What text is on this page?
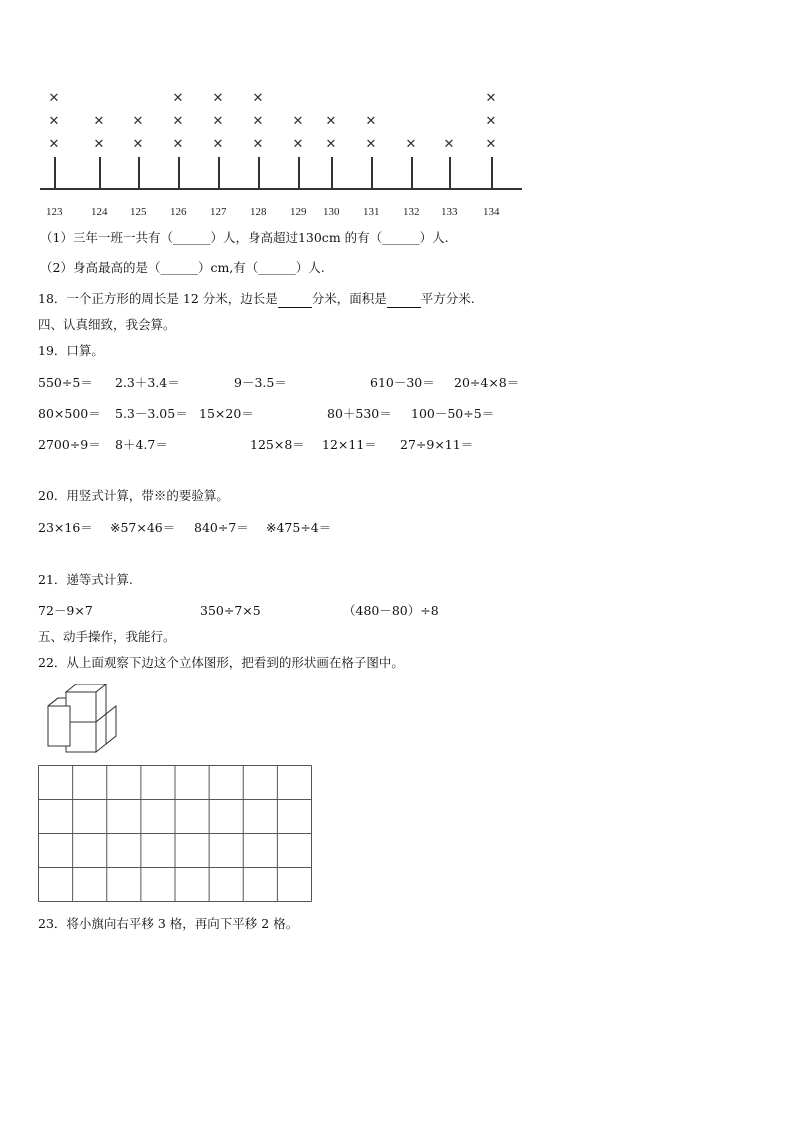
123
✕
✕
✕
124
✕
✕
125
✕
✕
126
✕
✕
✕
127
✕
✕
✕
128
✕
✕
✕
129
✕
✕
130
✕
✕
131
✕
✕
132
✕
133
✕
134
✕
✕
✕
（1）三年一班一共有（______）人，身高超过130cm 的有（______）人.
（2）身高最高的是（______）cm,有（______）人.
18．一个正方形的周长是 12 分米，边长是	分米，面积是	平方分米.
四、认真细致，我会算。
19．口算。
550÷5＝ 2.3＋3.4＝	9－3.5＝	610－30＝ 20÷4×8＝
80×500＝ 5.3－3.05＝ 15×20＝	80＋530＝ 100－50÷5＝
2700÷9＝ 8＋4.7＝	125×8＝ 12×11＝ 27÷9×11＝
20．用竖式计算，带※的要验算。
23×16＝ ※57×46＝ 840÷7＝ ※475÷4＝
21．递等式计算.
72－9×7	350÷7×5	（480－80）÷8
五、动手操作，我能行。
22．从上面观察下边这个立体图形，把看到的形状画在格子图中。
23．将小旗向右平移 3 格，再向下平移 2 格。
